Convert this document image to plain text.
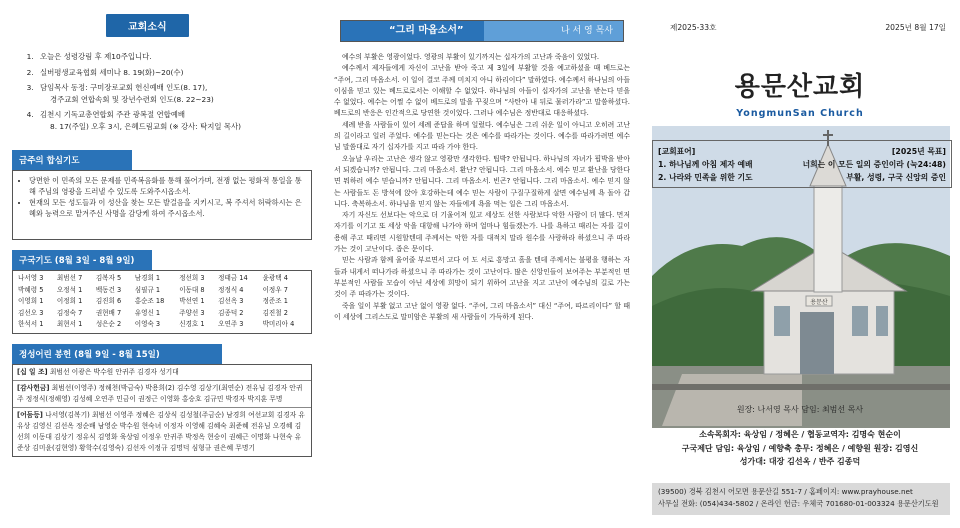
교회소식
1. 오늘은 성령강림 후 제10주입니다.
2. 실버평생교육협회 세미나 8. 19(화)~20(수)
3. 담임목사 동정: 구미장로교회 헌신예배 인도(8. 17),
경주교회 연합속회 및 장년수련회 인도(8. 22~23)
4. 김천시 기독교총연합회 주관 광복절 연합예배
8. 17(주일) 오후 3시, 은혜드림교회 (※ 강사: 탁지일 목사)
금주의 합심기도
• 당면한 이 민족의 모든 문제를 민족복음화를 통해 풀어가며, 전쟁 없는 평화적 통일을 통해 주님의 영광을 드러낼 수 있도록 도와주시옵소서.
• 현재의 모든 성도들과 이 성산을 찾는 모든 발걸음을 지키시고, 복 주셔서 허락하시는 은혜와 능력으로 맡겨주신 사명을 감당케 하여 주시옵소서.
구국기도 (8월 3일 - 8월 9일)
나서영 3	최범선 7	김복자 5	남경희 1	정선희 3	정태금 14	윤광택 4
박혜령 5	오정석 1	백동건 3	심필규 1	이동대 8	정정식 4	이정우 7
이영희 1	이정희 1	김진희 6	홍순조 18	박선연 1	김선옥 3	정준조 1
김선오 3	김정숙 7	권현배 7	유영신 1	주양선 3	김종덕 2	김진철 2
한석서 1	최현서 1	성은순 2	이영숙 3	신경호 1	오연주 3	박미리아 4
정성어린 봉헌 (8월 9일 - 8월 15일)
[십 일 조] 최범선 이광은 박수원 안귀주 김경자 성기대
[감사헌금] 최범선(이영주) 정해천(박금숙) 박용희(2) 김수영 김상기(최연순) 전유님 김경자 안귀주 정정식(정해영) 김성혜 오연주 민금이 권정근 이영화 홍승호 김규민 박경자 박지훈 무명
[어둠등] 나서영(김복기) 최범선 이영주 정혜은 김상식 김성철(주금순) 남경희 여선교회 김경자 유유상 김영신 김선옥 정순배 남영순 박수원 현숙녀 이정자 이영해 김혜숙 최준혜 전유님 오경혜 김선희 이동대 김상기 정유식 김영화 육상임 이정우 안귀주 박정옥 현승이 권혜근 이명화 나현숙 유준상 김미윤(김현영) 황학수(김영숙) 김선자 이정규 김명덕 심형규 권은혜 무명기
“그리 마옵소서”	나 서 영 목사

예수의 부활은 영광이었다. 영광의 부활이 있기까지는 십자가의 고난과 죽음이 있었다.

예수께서 제자들에게 자신이 고난을 받아 죽고 제 3일에 부활할 것을 예고하셨을 때 베드로는 “주여, 그리 마옵소서. 이 일이 결코 주께 미치지 아니 하리이다” 말하였다. 예수께서 하나님의 아들이심을 믿고 있는 베드로로서는 이해할 수 없었다. 하나님의 아들이 십자가의 고난을 받는다 믿을 수 없었다. 예수는 어쩔 수 없이 베드로의 말을 꾸짖으며 “사탄아 내 뒤로 물러가라”고 말씀하셨다. 베드로의 반응은 인간적으로 당연한 것이었다. 그러나 예수님은 정반대로 대응하셨다.

세례 받을 사람들이 있어 세례 준답을 하며 일렀다. 예수님은 그리 쉬운 일이 아니고 오히려 고난의 길이라고 일러 주었다. 예수를 믿는다는 것은 예수를 따라가는 것이다. 예수를 따라가려면 예수님 말씀대로 자기 십자가를 지고 따라 가야 한다.

오늘날 우리는 고난은 생각 않고 영광만 생각한다. 팁박? 안됩니다. 하나님의 자녀가 핍박을 받아서 되겠습니까? 안됩니다. 그리 마옵소서. 환난? 안됩니다. 그리 마옵소서. 예수 믿고 환난을 당한다면 뭐하러 예수 믿습니까? 안됩니다. 그리 마옵소서. 빈곤? 안됩니다. 그리 마옵소서. 예수 믿지 않는 사람들도 돈 방석에 앉아 호강하는데 예수 믿는 사람이 구질구질하게 살면 예수님께 욕 돌아 갑니다. 축복하소서. 하나님을 믿지 않는 자들에게 욕을 먹는 일은 그리 마옵소서.

자기 자신도 선보다는 악으로 더 기울어져 있고 세상도 선한 사람보다 악한 사람이 더 많다. 먼저 자기를 이기고 또 세상 악을 대항해 나가야 하며 얼마나 힘들겠는가. 나를 욕하고 때리는 자를 길이 용해 주고 때리면 시원할텐데 주께서는 악한 자를 대적치 말라 원수를 사랑하라 하셨으니 주 따라 가는 것이 고난이다. 좁은 문이다.

믿는 사람과 함께 울어줄 부르면서 고다 어 도 서로 흥망고 흘을 텐데 주께서는 불평을 행하는 자들과 내게서 떠나가라 하셨으니 주 따라가는 것이 고난이다. 많은 신앙인들이 보여주는 부분적인 면 부분적인 사람들 모습이 아닌 세상에 희망이 되기 위하여 고난을 지고 고난이 예수님의 길로 가는 것이 주 따라가는 것이다.

죽을 일이 부활 없고 고난 없이 영광 없다. “주여, 그리 마옵소서” 대신 “주여, 따르리이다” 할 때 이 세상에 그리스도로 말미암은 부활의 새 사람들이 가득하게 된다.

제2025-33호	2025년 8월 17일
용문산교회
YongmunSan Church
용문산
[교회표어]
1. 하나님께 아침 제자 예배
2. 나라와 민족을 위한 기도
[2025년 목표]
너희는 이 모든 일의 증인이라 (눅24:48)
부활, 성령, 구국 신앙의 증인
원장: 나서영 목사 담임: 최범선 목사
소속목회자: 육상임 / 정혜은 / 협동교역자: 김명숙 현순이
구국제단 담임: 육상임 / 예향축 총무: 정혜은 / 예향원 원장: 김영신
성가대: 대장 김선옥 / 반주 김종덕
(39500) 경북 김천시 어모면 용문산길 551-7 / 홈페이지: www.prayhouse.net
사무실 전화: (054)434-5802 / 온라인 헌금: 우체국 701680-01-003324 용문산기도원
